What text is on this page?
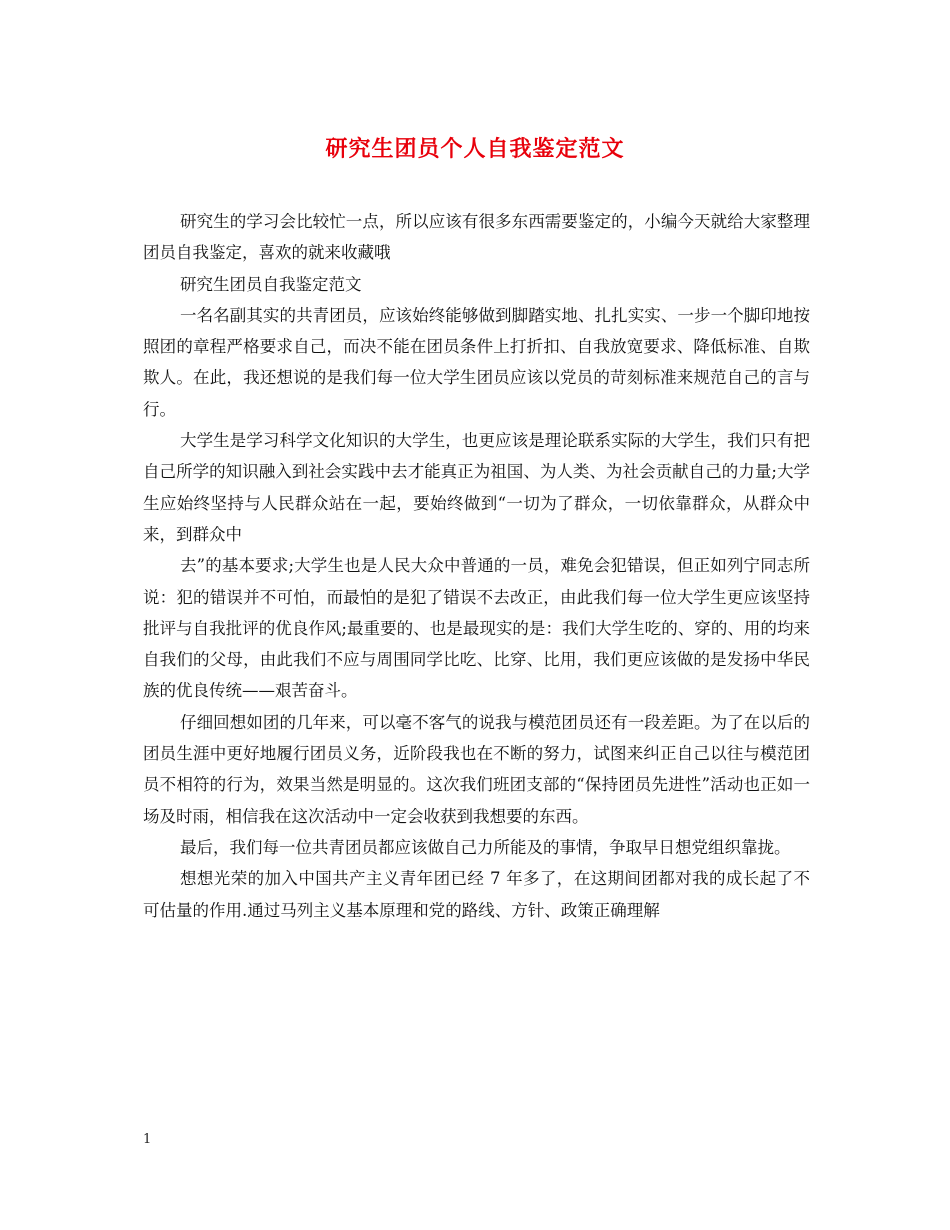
研究生团员个人自我鉴定范文

研究生的学习会比较忙一点，所以应该有很多东西需要鉴定的，小编今天就给大家整理团员自我鉴定，喜欢的就来收藏哦

研究生团员自我鉴定范文

一名名副其实的共青团员，应该始终能够做到脚踏实地、扎扎实实、一步一个脚印地按照团的章程严格要求自己，而决不能在团员条件上打折扣、自我放宽要求、降低标准、自欺欺人。在此，我还想说的是我们每一位大学生团员应该以党员的苛刻标准来规范自己的言与行。

大学生是学习科学文化知识的大学生，也更应该是理论联系实际的大学生，我们只有把自己所学的知识融入到社会实践中去才能真正为祖国、为人类、为社会贡献自己的力量;大学生应始终坚持与人民群众站在一起，要始终做到“一切为了群众，一切依靠群众，从群众中来，到群众中

去”的基本要求;大学生也是人民大众中普通的一员，难免会犯错误，但正如列宁同志所说：犯的错误并不可怕，而最怕的是犯了错误不去改正，由此我们每一位大学生更应该坚持批评与自我批评的优良作风;最重要的、也是最现实的是：我们大学生吃的、穿的、用的均来自我们的父母，由此我们不应与周围同学比吃、比穿、比用，我们更应该做的是发扬中华民族的优良传统——艰苦奋斗。

仔细回想如团的几年来，可以毫不客气的说我与模范团员还有一段差距。为了在以后的团员生涯中更好地履行团员义务，近阶段我也在不断的努力，试图来纠正自己以往与模范团员不相符的行为，效果当然是明显的。这次我们班团支部的“保持团员先进性”活动也正如一场及时雨，相信我在这次活动中一定会收获到我想要的东西。

最后，我们每一位共青团员都应该做自己力所能及的事情，争取早日想党组织靠拢。

想想光荣的加入中国共产主义青年团已经 7 年多了，在这期间团都对我的成长起了不可估量的作用.通过马列主义基本原理和党的路线、方针、政策正确理解

1
